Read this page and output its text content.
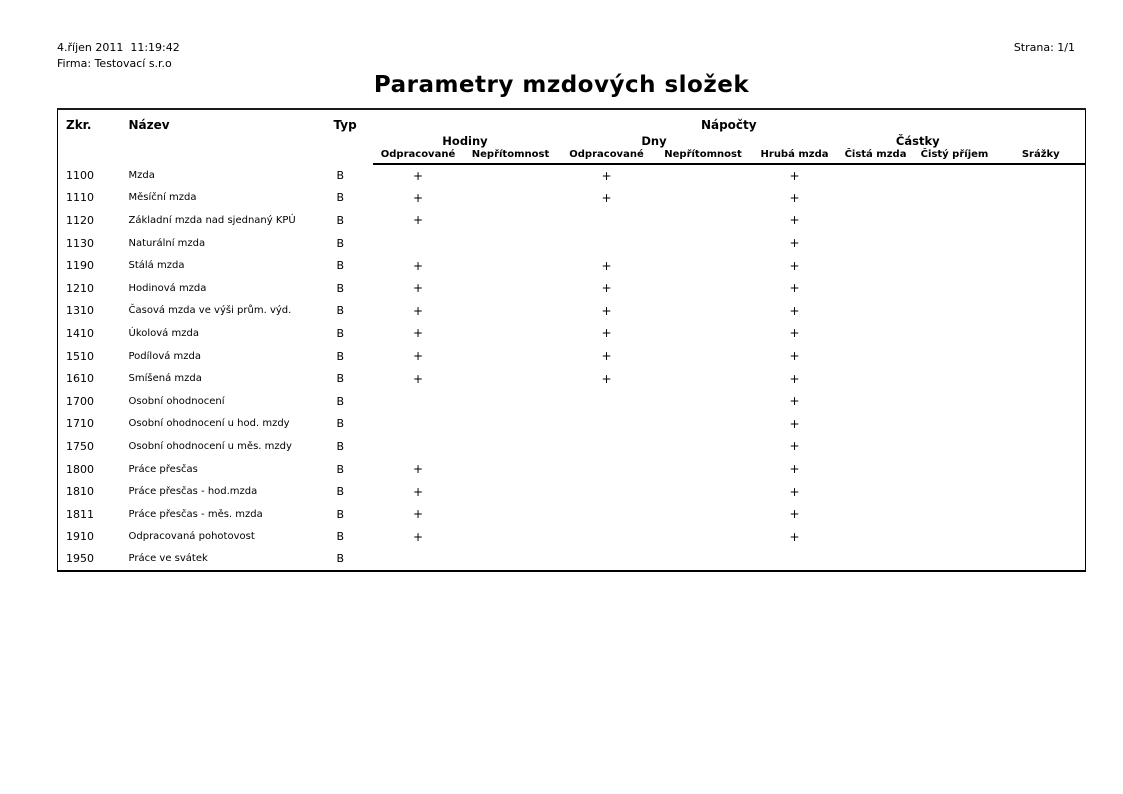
4.říjen 2011  11:19:42
Firma: Testovací s.r.o
Strana: 1/1
Parametry mzdových složek
Zkr.	Název	Typ	Nápočty							
			Hodiny		Dny		Částky			
			Odpracované	Nepřítomnost	Odpracované	Nepřítomnost	Hrubá mzda	Čistá mzda	Čistý příjem	Srážky
1100	Mzda	B	+		+		+			
1110	Měsíční mzda	B	+		+		+			
1120	Základní mzda nad sjednaný KPÚ	B	+				+			
1130	Naturální mzda	B					+			
1190	Stálá mzda	B	+		+		+			
1210	Hodinová mzda	B	+		+		+			
1310	Časová mzda ve výši prům. výd.	B	+		+		+			
1410	Úkolová mzda	B	+		+		+			
1510	Podílová mzda	B	+		+		+			
1610	Smíšená mzda	B	+		+		+			
1700	Osobní ohodnocení	B					+			
1710	Osobní ohodnocení u hod. mzdy	B					+			
1750	Osobní ohodnocení u měs. mzdy	B					+			
1800	Práce přesčas	B	+				+			
1810	Práce přesčas - hod.mzda	B	+				+			
1811	Práce přesčas - měs. mzda	B	+				+			
1910	Odpracovaná pohotovost	B	+				+			
1950	Práce ve svátek	B								
